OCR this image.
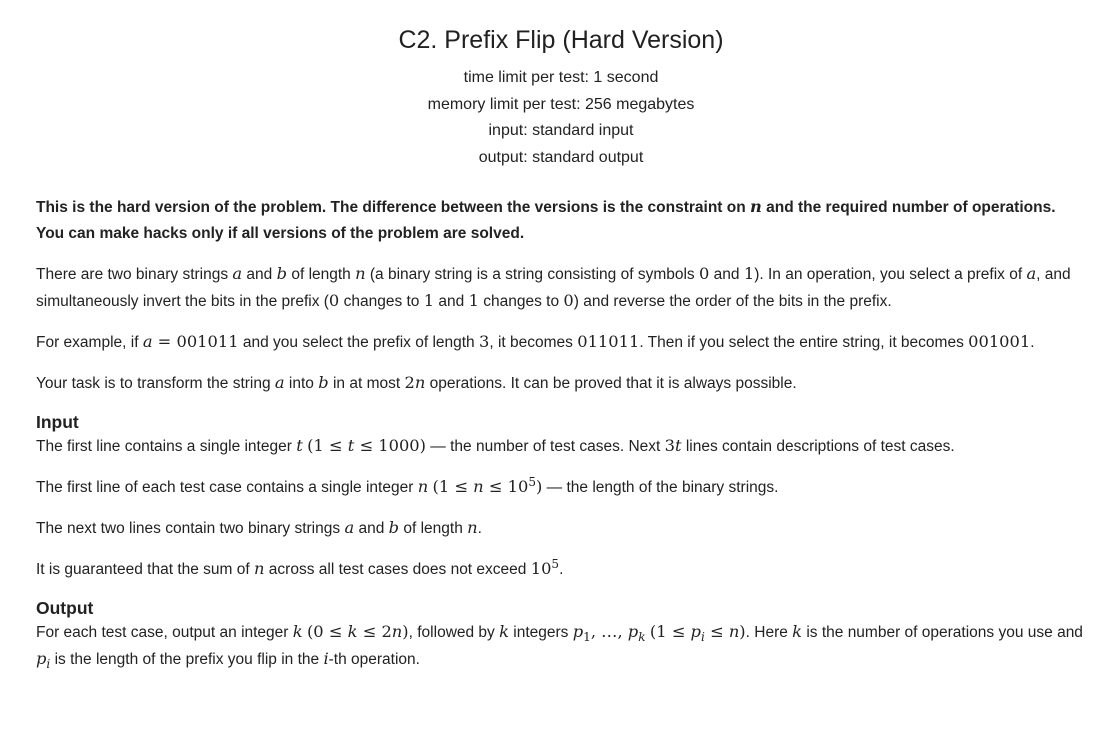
C2. Prefix Flip (Hard Version)
time limit per test: 1 second
memory limit per test: 256 megabytes
input: standard input
output: standard output

This is the hard version of the problem. The difference between the versions is the constraint on n and the required number of operations. You can make hacks only if all versions of the problem are solved.

There are two binary strings a and b of length n (a binary string is a string consisting of symbols 0 and 1). In an operation, you select a prefix of a, and simultaneously invert the bits in the prefix (0 changes to 1 and 1 changes to 0) and reverse the order of the bits in the prefix.

For example, if a = 001011 and you select the prefix of length 3, it becomes 011011. Then if you select the entire string, it becomes 001001.

Your task is to transform the string a into b in at most 2n operations. It can be proved that it is always possible.

Input

The first line contains a single integer t (1 ≤ t ≤ 1000) — the number of test cases. Next 3t lines contain descriptions of test cases.

The first line of each test case contains a single integer n $(1 \le n \le 10^5)$ — the length of the binary strings.

The next two lines contain two binary strings a and b of length n.

It is guaranteed that the sum of n across all test cases does not exceed $10^5$.

Output

For each test case, output an integer k (0 ≤ k ≤ 2n), followed by k integers $p_1$, …, $p_k$ $(1 \le p_i \le n)$. Here k is the number of operations you use and $p_i$ is the length of the prefix you flip in the i-th operation.
